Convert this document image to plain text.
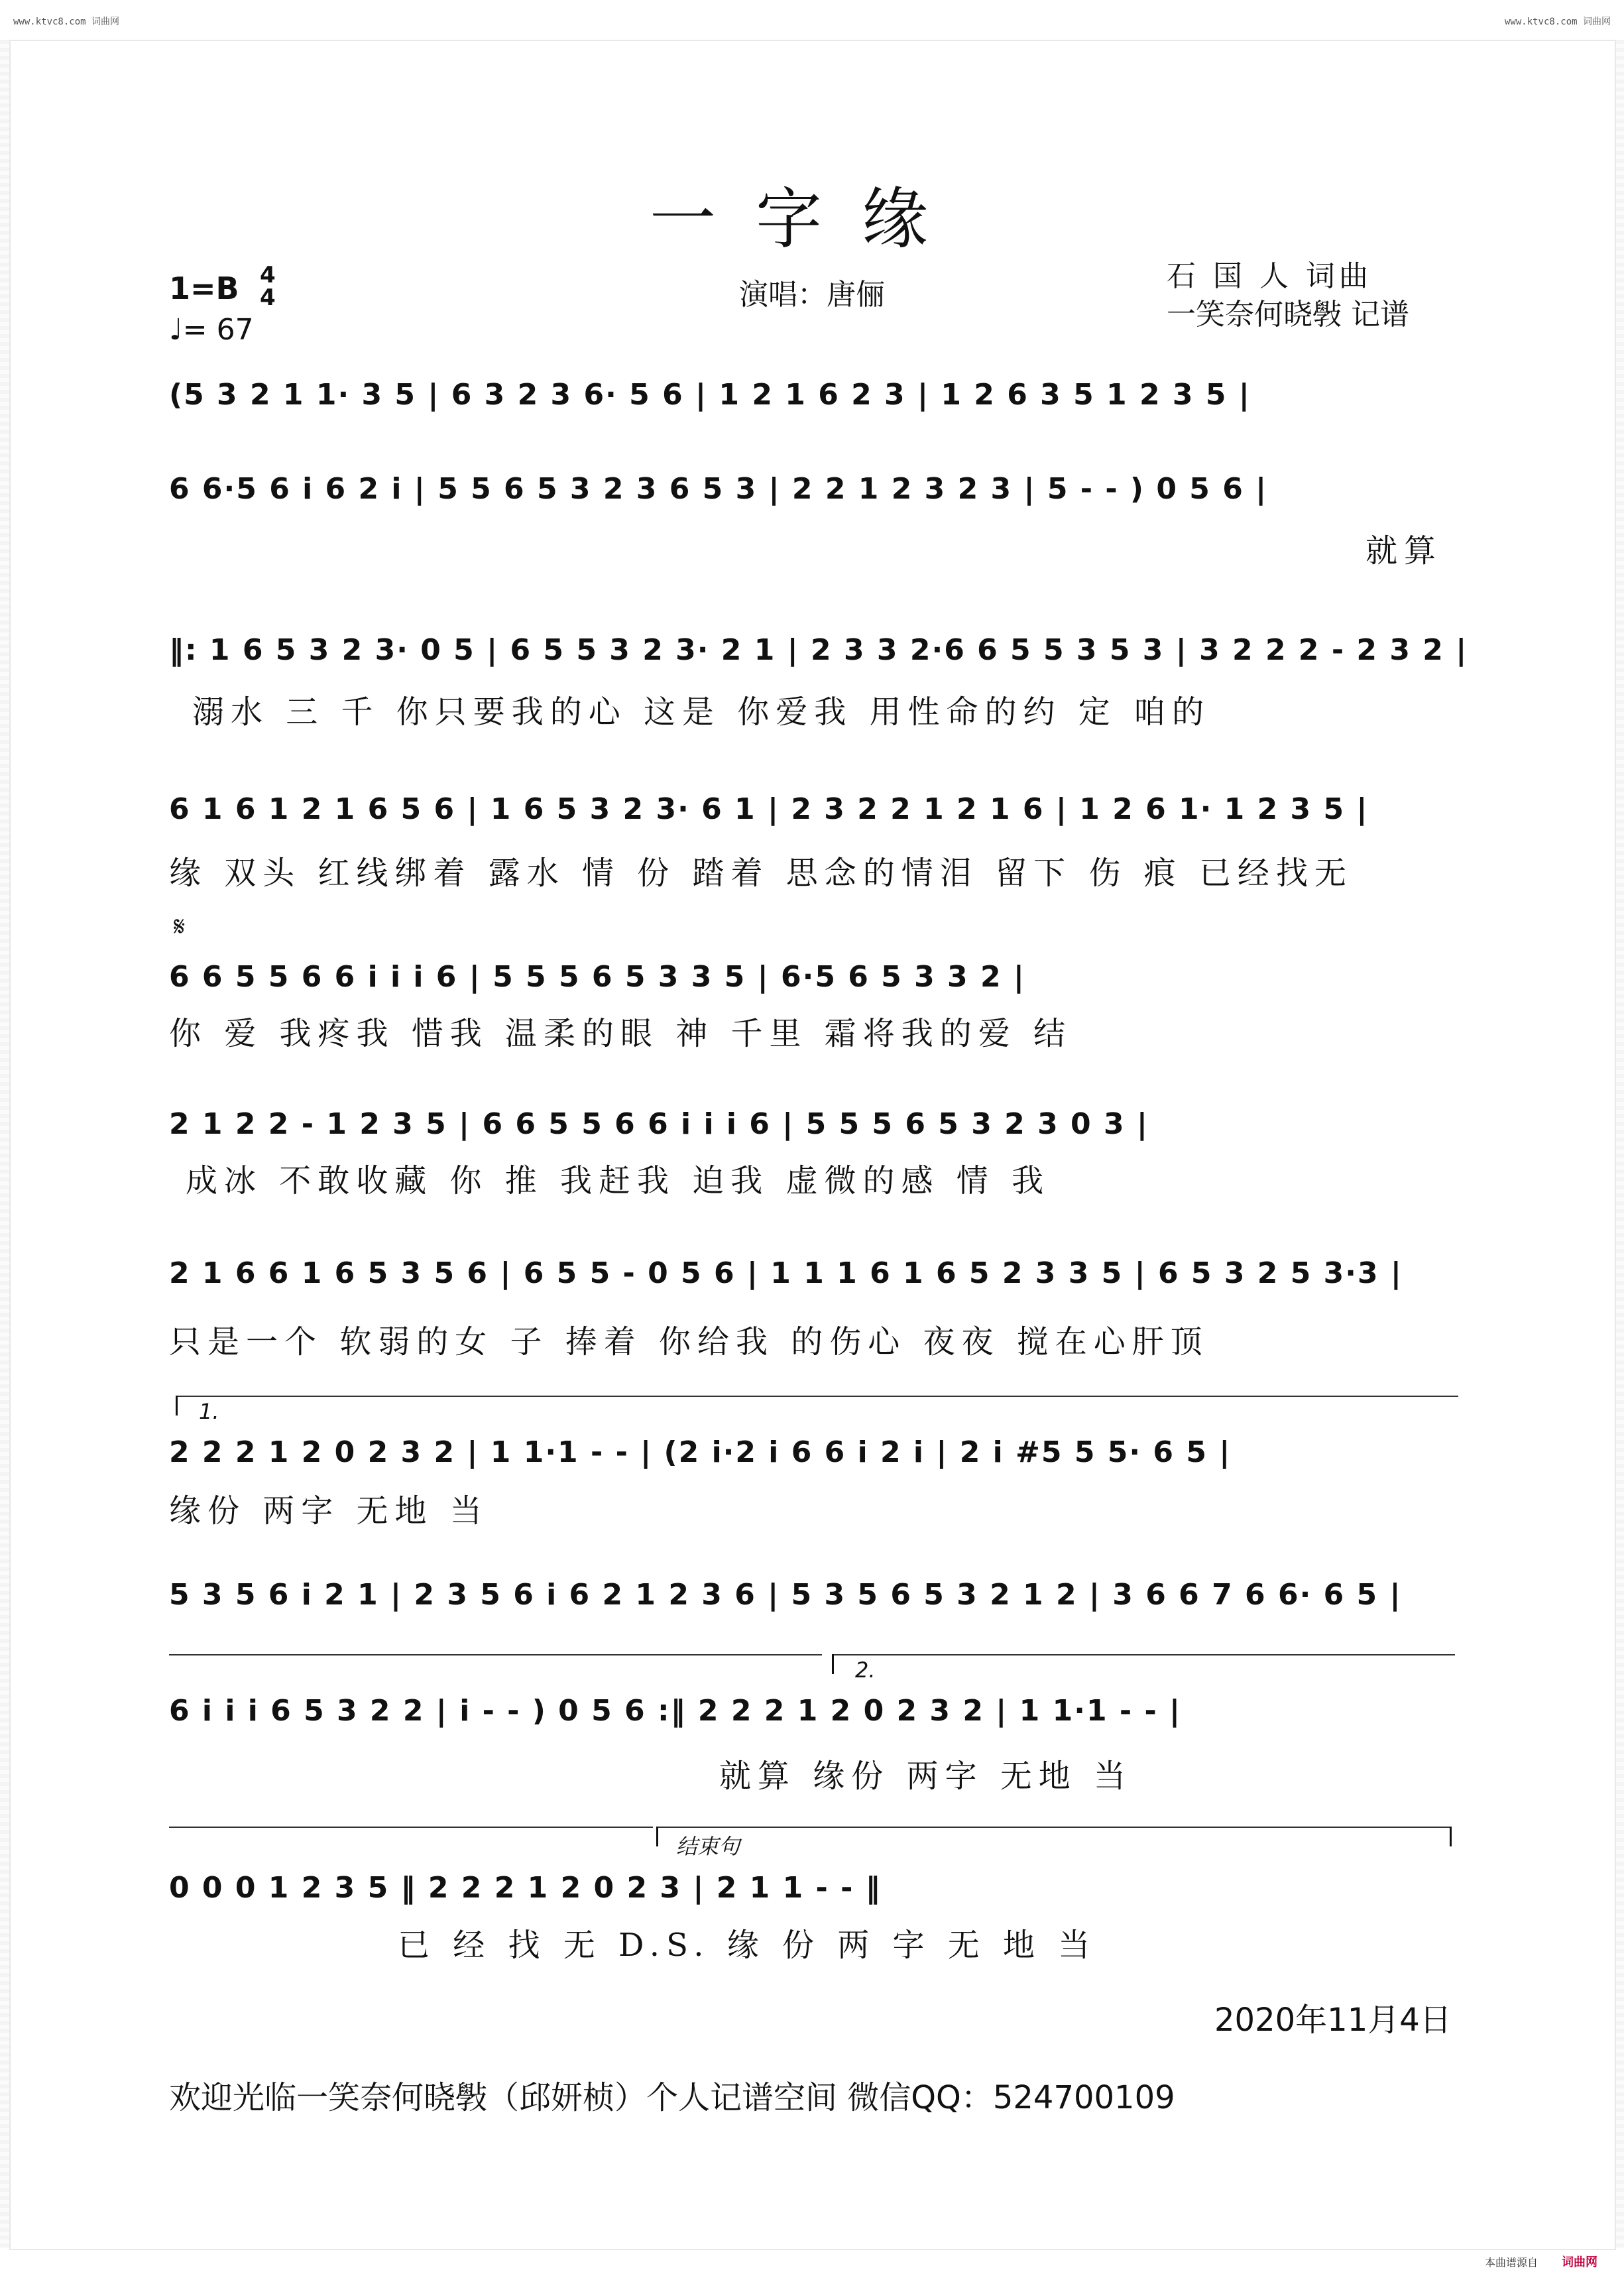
www.ktvc8.com 词曲网	www.ktvc8.com 词曲网
一字缘
1=B 4
4
♩= 67
演唱：唐俪
石 国 人 词曲
一笑奈何晓斅 记谱
(5 3 2 1 1· 3 5 | 6 3 2 3 6· 5 6 | 1 2 1 6 2 3 | 1 2 6 3 5 1 2 3 5 |
6 6·5 6 i 6 2 i | 5 5 6 5 3 2 3 6 5 3 | 2 2 1 2 3 2 3 | 5 - - ) 0 5 6 |
就算
‖: 1 6 5 3 2 3· 0 5 | 6 5 5 3 2 3· 2 1 | 2 3 3 2·6 6 5 5 3 5 3 | 3 2 2 2 - 2 3 2 |
溺水 三 千 你只要我的心 这是 你爱我 用性命的约 定 咱的
6 1 6 1 2 1 6 5 6 | 1 6 5 3 2 3· 6 1 | 2 3 2 2 1 2 1 6 | 1 2 6 1· 1 2 3 5 |
缘 双头 红线绑着 露水 情 份 踏着 思念的情泪 留下 伤 痕 已经找无
𝄋
6 6 5 5 6 6 i i i 6 | 5 5 5 6 5 3 3 5 | 6·5 6 5 3 3 2 |
你 爱 我疼我 惜我 温柔的眼 神 千里 霜将我的爱 结
2 1 2 2 - 1 2 3 5 | 6 6 5 5 6 6 i i i 6 | 5 5 5 6 5 3 2 3 0 3 |
成冰 不敢收藏 你 推 我赶我 迫我 虚微的感 情 我
2 1 6 6 1 6 5 3 5 6 | 6 5 5 - 0 5 6 | 1 1 1 6 1 6 5 2 3 3 5 | 6 5 3 2 5 3·3 |
只是一个 软弱的女 子 捧着 你给我 的伤心 夜夜 搅在心肝顶
1.
2 2 2 1 2 0 2 3 2 | 1 1·1 - - | (2 i·2 i 6 6 i 2 i | 2 i #5 5 5· 6 5 |
缘份 两字 无地 当
5 3 5 6 i 2 1 | 2 3 5 6 i 6 2 1 2 3 6 | 5 3 5 6 5 3 2 1 2 | 3 6 6 7 6 6· 6 5 |
2.
6 i i i 6 5 3 2 2 | i - - ) 0 5 6 :‖ 2 2 2 1 2 0 2 3 2 | 1 1·1 - - |
就算 缘份 两字 无地 当
结束句
0 0 0 1 2 3 5 ‖ 2 2 2 1 2 0 2 3 | 2 1 1 - - ‖
已 经 找 无 D.S. 缘 份 两 字 无 地 当
2020年11月4日
欢迎光临一笑奈何晓斅（邱妍桢）个人记谱空间 微信QQ：524700109
本曲谱源自 词曲网
